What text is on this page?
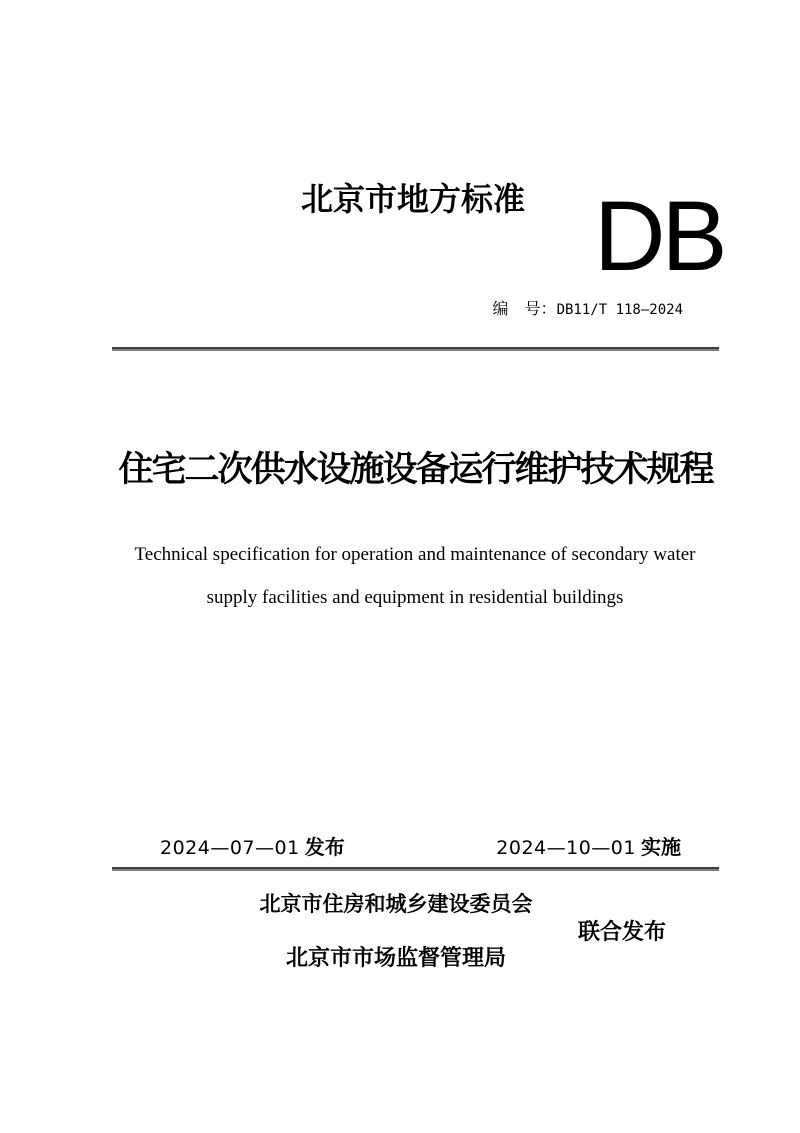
北京市地方标准 DB
编　号：DB11/T 118—2024
住宅二次供水设施设备运行维护技术规程
Technical specification for operation and maintenance of secondary water
supply facilities and equipment in residential buildings
2024—07—01 发布	2024—10—01 实施
北京市住房和城乡建设委员会
联合发布
北京市市场监督管理局
